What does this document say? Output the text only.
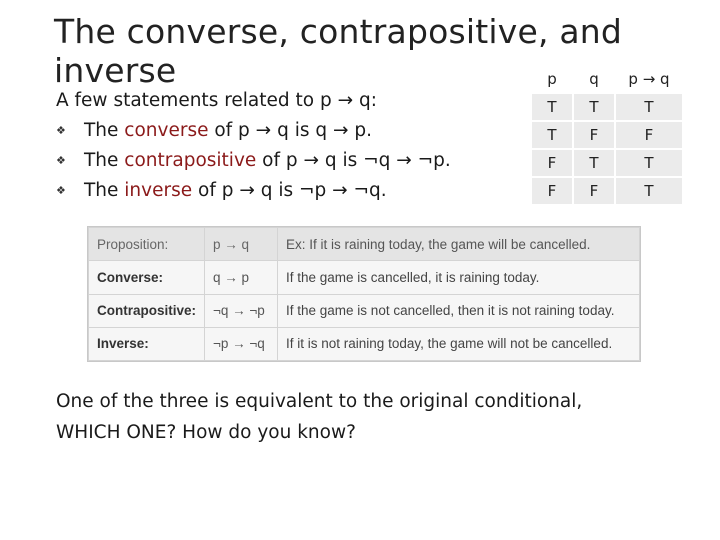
The converse, contrapositive, and inverse
A few statements related to p → q:
❖ The converse of p → q is q → p.
❖ The contrapositive of p → q is ¬q → ¬p.
❖ The inverse of p → q is ¬p → ¬q.
p	q	p → q
T	T	T
T	F	F
F	T	T
F	F	T
Proposition:	p → q	Ex: If it is raining today, the game will be cancelled.
Converse:	q → p	If the game is cancelled, it is raining today.
Contrapositive:	¬q → ¬p	If the game is not cancelled, then it is not raining today.
Inverse:	¬p → ¬q	If it is not raining today, the game will not be cancelled.
One of the three is equivalent to the original conditional,
WHICH ONE? How do you know?
